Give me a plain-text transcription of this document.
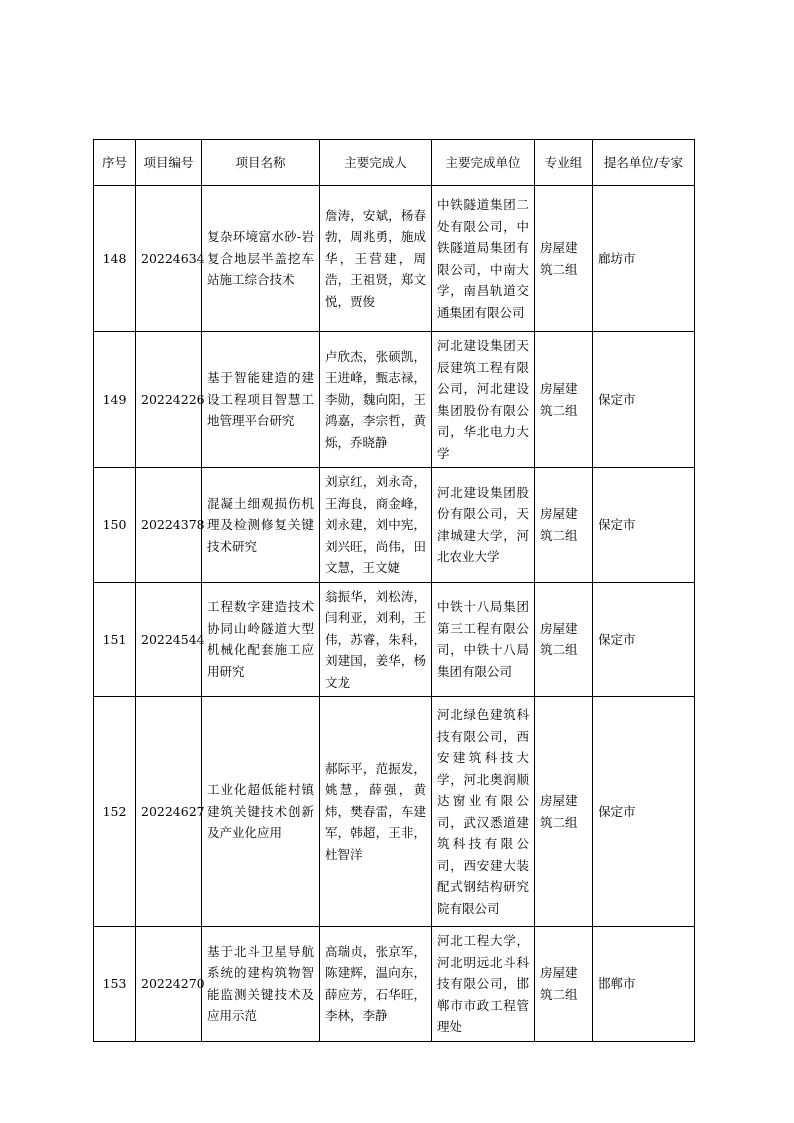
序号	项目编号	项目名称	主要完成人	主要完成单位	专业组	提名单位/专家
148	20224634	复杂环境富水砂-岩复合地层半盖挖车站施工综合技术	詹涛，安斌，杨春勃，周兆勇，施成华，王营建，周浩，王祖贤，郑文悦，贾俊	中铁隧道集团二处有限公司，中铁隧道局集团有限公司，中南大学，南昌轨道交通集团有限公司	房屋建筑二组	廊坊市
149	20224226	基于智能建造的建设工程项目智慧工地管理平台研究	卢欣杰，张硕凯，王进峰，甄志禄，李勋，魏向阳，王鸿嘉，李宗哲，黄烁，乔晓静	河北建设集团天辰建筑工程有限公司，河北建设集团股份有限公司，华北电力大学	房屋建筑二组	保定市
150	20224378	混凝土细观损伤机理及检测修复关键技术研究	刘京红，刘永奇，王海良，商金峰，刘永建，刘中宪，刘兴旺，尚伟，田文慧，王文婕	河北建设集团股份有限公司，天津城建大学，河北农业大学	房屋建筑二组	保定市
151	20224544	工程数字建造技术协同山岭隧道大型机械化配套施工应用研究	翁振华，刘松涛，闫利亚，刘利，王伟，苏睿，朱科，刘建国，姜华，杨文龙	中铁十八局集团第三工程有限公司，中铁十八局集团有限公司	房屋建筑二组	保定市
152	20224627	工业化超低能村镇建筑关键技术创新及产业化应用	郝际平，范振发，姚慧，薛强，黄炜，樊春雷，车建军，韩超，王非，杜智洋	河北绿色建筑科技有限公司，西安建筑科技大学，河北奥润顺达窗业有限公司，武汉悉道建筑科技有限公司，西安建大装配式钢结构研究院有限公司	房屋建筑二组	保定市
153	20224270	基于北斗卫星导航系统的建构筑物智能监测关键技术及应用示范	高瑞贞，张京军，陈建辉，温向东，薛应芳，石华旺，李林，李静	河北工程大学，河北明远北斗科技有限公司，邯郸市市政工程管理处	房屋建筑二组	邯郸市
